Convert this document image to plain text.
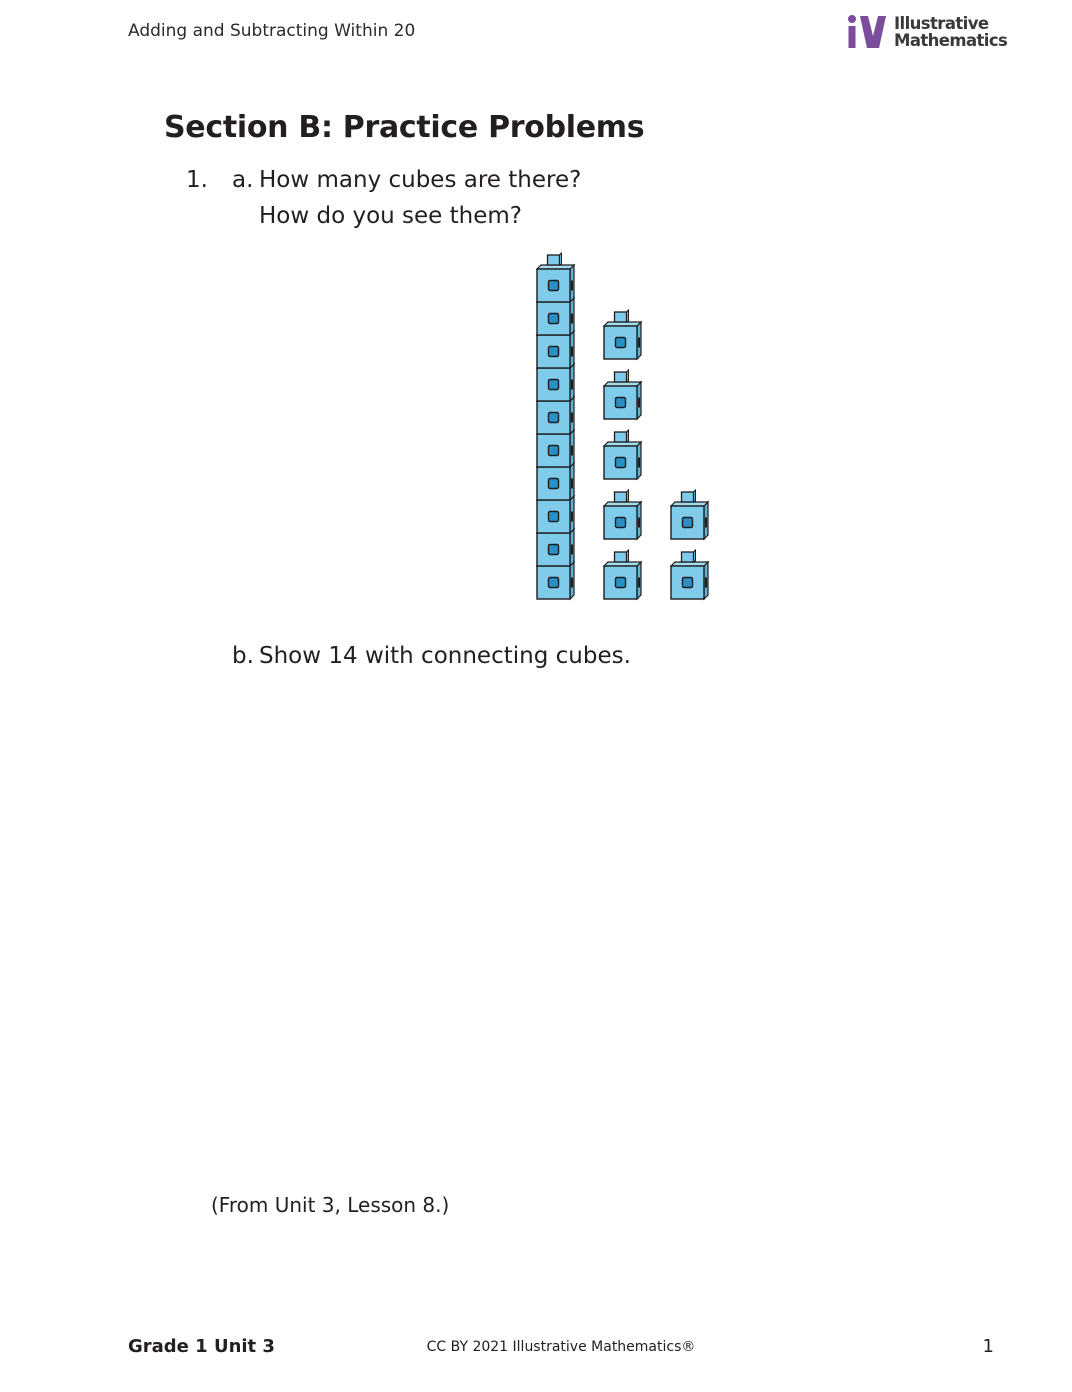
Adding and Subtracting Within 20	Illustrative
Mathematics
Section B: Practice Problems
1. a. How many cubes are there?
How do you see them?
b. Show 14 with connecting cubes.
(From Unit 3, Lesson 8.)
Grade 1 Unit 3	CC BY 2021 Illustrative Mathematics®	1
